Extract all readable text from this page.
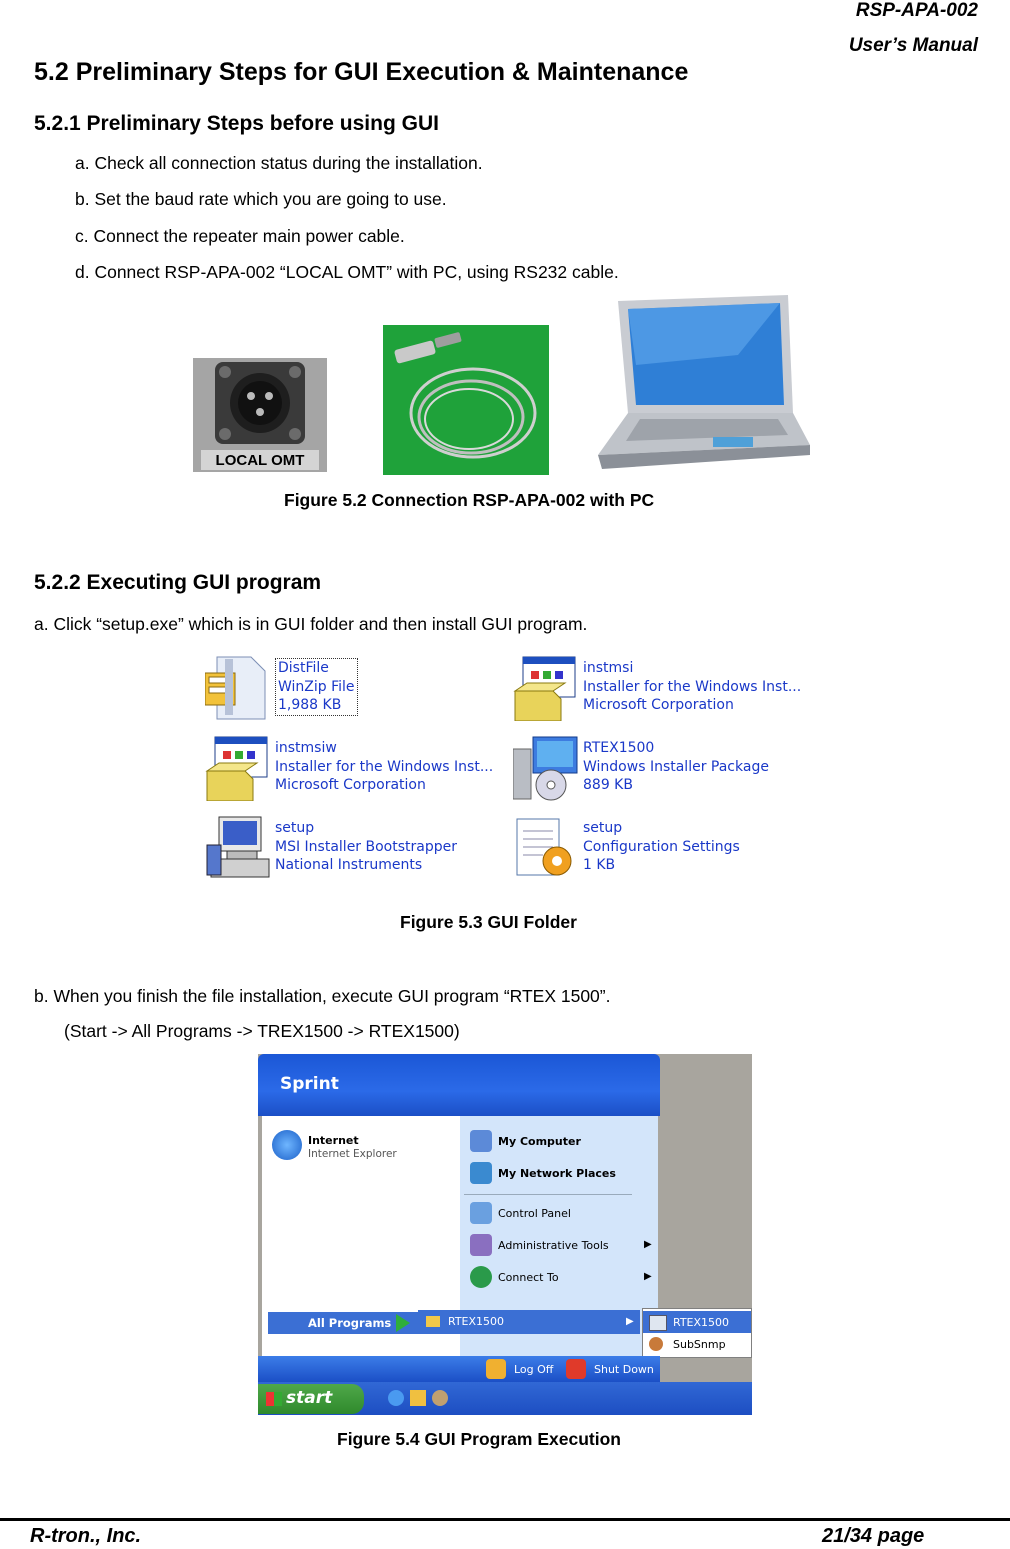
RSP-APA-002
User’s Manual
5.2 Preliminary Steps for GUI Execution & Maintenance
5.2.1 Preliminary Steps before using GUI
a. Check all connection status during the installation.
b. Set the baud rate which you are going to use.
c. Connect the repeater main power cable.
d. Connect RSP-APA-002 “LOCAL OMT” with PC, using RS232 cable.
LOCAL OMT
Figure 5.2 Connection RSP-APA-002 with PC
5.2.2 Executing GUI program
a. Click “setup.exe” which is in GUI folder and then install GUI program.
DistFile
WinZip File
1,988 KB
instmsi
Installer for the Windows Inst...
Microsoft Corporation
instmsiw
Installer for the Windows Inst...
Microsoft Corporation
RTEX1500
Windows Installer Package
889 KB
setup
MSI Installer Bootstrapper
National Instruments
setup
Configuration Settings
1 KB
Figure 5.3 GUI Folder
b. When you finish the file installation, execute GUI program “RTEX 1500”.
(Start -> All Programs -> TREX1500 -> RTEX1500)
Sprint
Internet
Internet Explorer
My Computer
My Network Places
Control Panel
Administrative Tools	▶
Connect To	▶
All Programs	RTEX1500	▶	RTEX1500
SubSnmp
Log Off	Shut Down
start
Figure 5.4 GUI Program Execution
R-tron., Inc.	21/34 page
